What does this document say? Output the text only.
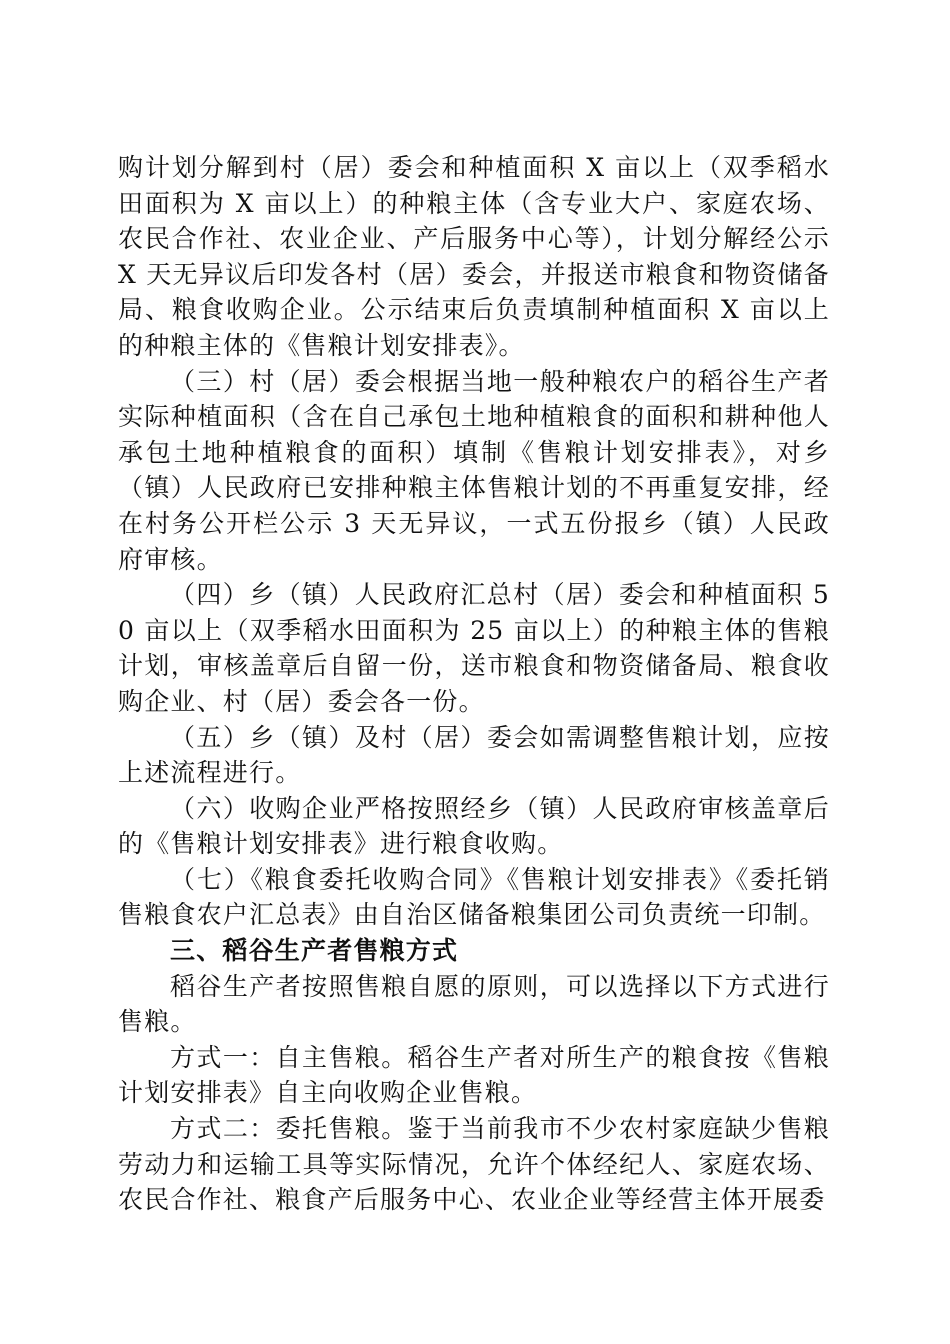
购计划分解到村（居）委会和种植面积 X 亩以上（双季稻水田面积为 X 亩以上）的种粮主体（含专业大户、家庭农场、农民合作社、农业企业、产后服务中心等），计划分解经公示 X 天无异议后印发各村（居）委会，并报送市粮食和物资储备局、粮食收购企业。公示结束后负责填制种植面积 X 亩以上的种粮主体的《售粮计划安排表》。

（三）村（居）委会根据当地一般种粮农户的稻谷生产者实际种植面积（含在自己承包土地种植粮食的面积和耕种他人承包土地种植粮食的面积）填制《售粮计划安排表》，对乡（镇）人民政府已安排种粮主体售粮计划的不再重复安排，经在村务公开栏公示 3 天无异议，一式五份报乡（镇）人民政府审核。

（四）乡（镇）人民政府汇总村（居）委会和种植面积 50 亩以上（双季稻水田面积为 25 亩以上）的种粮主体的售粮计划，审核盖章后自留一份，送市粮食和物资储备局、粮食收购企业、村（居）委会各一份。

（五）乡（镇）及村（居）委会如需调整售粮计划，应按上述流程进行。

（六）收购企业严格按照经乡（镇）人民政府审核盖章后的《售粮计划安排表》进行粮食收购。

（七）《粮食委托收购合同》《售粮计划安排表》《委托销售粮食农户汇总表》由自治区储备粮集团公司负责统一印制。

三、稻谷生产者售粮方式

稻谷生产者按照售粮自愿的原则，可以选择以下方式进行售粮。

方式一：自主售粮。稻谷生产者对所生产的粮食按《售粮计划安排表》自主向收购企业售粮。

方式二：委托售粮。鉴于当前我市不少农村家庭缺少售粮劳动力和运输工具等实际情况，允许个体经纪人、家庭农场、农民合作社、粮食产后服务中心、农业企业等经营主体开展委
